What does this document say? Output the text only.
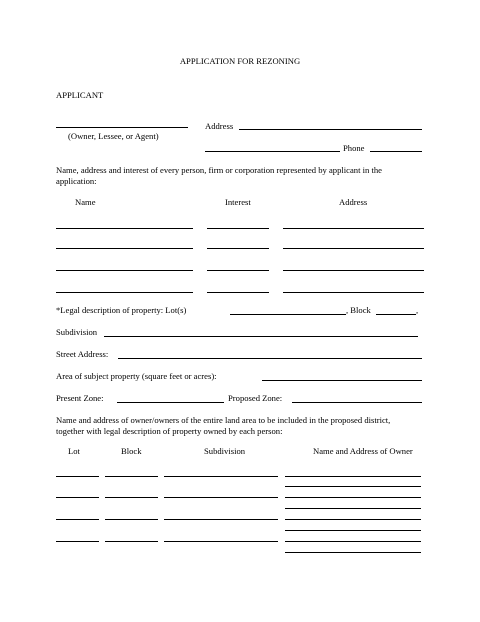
APPLICATION FOR REZONING
APPLICANT
(Owner, Lessee, or Agent)
Address
Phone
Name, address and interest of every person, firm or corporation represented by applicant in the
application:
Name	Interest	Address
*Legal description of property: Lot(s)	, Block	,
Subdivision
Street Address:
Area of subject property (square feet or acres):
Present Zone:	Proposed Zone:
Name and address of owner/owners of the entire land area to be included in the proposed district,
together with legal description of property owned by each person:
Lot	Block	Subdivision	Name and Address of Owner
